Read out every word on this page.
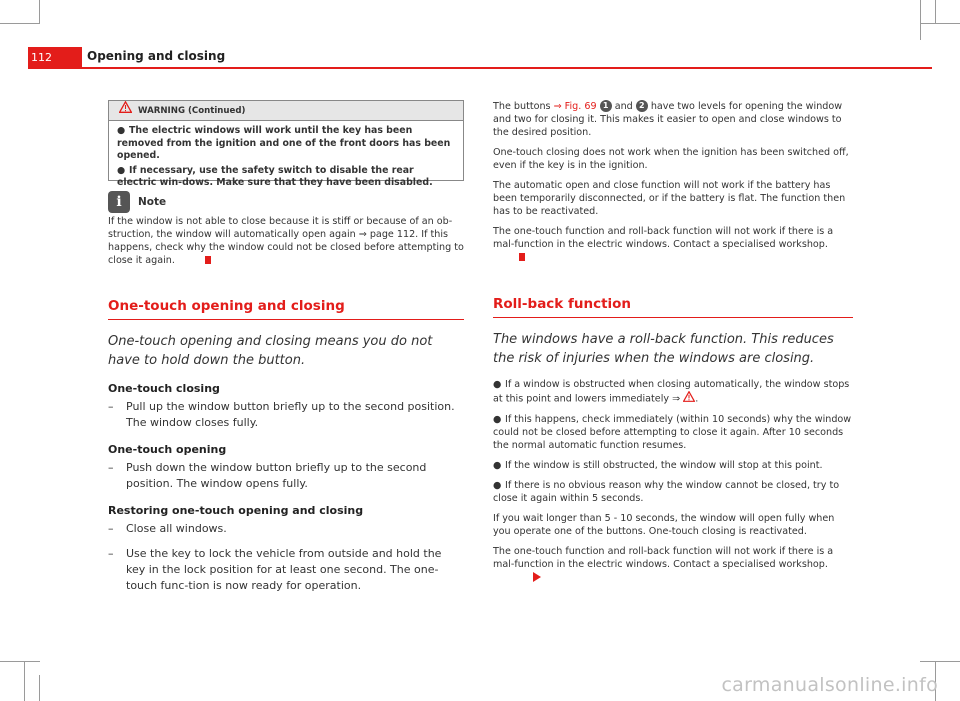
112	Opening and closing
WARNING (Continued)
● The electric windows will work until the key has been removed from the ignition and one of the front doors has been opened.
● If necessary, use the safety switch to disable the rear electric win-dows. Make sure that they have been disabled.
i	Note
If the window is not able to close because it is stiff or because of an ob-struction, the window will automatically open again ⇒ page 112. If this happens, check why the window could not be closed before attempting to close it again.
One-touch opening and closing
One-touch opening and closing means you do not have to hold down the button.
One-touch closing
–	Pull up the window button briefly up to the second position. The window closes fully.
One-touch opening
–	Push down the window button briefly up to the second position. The window opens fully.
Restoring one-touch opening and closing
–	Close all windows.
–	Use the key to lock the vehicle from outside and hold the key in the lock position for at least one second. The one-touch func-tion is now ready for operation.
The buttons ⇒ Fig. 69 1 and 2 have two levels for opening the window and two for closing it. This makes it easier to open and close windows to the desired position.
One-touch closing does not work when the ignition has been switched off, even if the key is in the ignition.
The automatic open and close function will not work if the battery has been temporarily disconnected, or if the battery is flat. The function then has to be reactivated.
The one-touch function and roll-back function will not work if there is a mal-function in the electric windows. Contact a specialised workshop.
Roll-back function
The windows have a roll-back function. This reduces the risk of injuries when the windows are closing.
● If a window is obstructed when closing automatically, the window stops at this point and lowers immediately ⇒ .
● If this happens, check immediately (within 10 seconds) why the window could not be closed before attempting to close it again. After 10 seconds the normal automatic function resumes.
● If the window is still obstructed, the window will stop at this point.
● If there is no obvious reason why the window cannot be closed, try to close it again within 5 seconds.
If you wait longer than 5 - 10 seconds, the window will open fully when you operate one of the buttons. One-touch closing is reactivated.
The one-touch function and roll-back function will not work if there is a mal-function in the electric windows. Contact a specialised workshop.
carmanualsonline.info
